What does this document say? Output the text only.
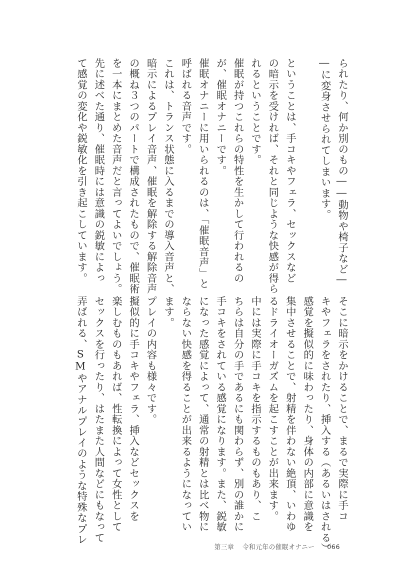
られたり、何か別のもの――動物や椅子など―
―に変身させられてしまいます。
ということは、手コキやフェラ、セックスなど
の暗示を受ければ、それと同じような快感が得ら
れるということです。
催眠が持つこれらの特性を生かして行われるの
が、催眠オナニーです。
催眠オナニーに用いられるのは、「催眠音声」と
呼ばれる音声です。
これは、トランス状態に入るまでの導入音声と、
暗示によるプレイ音声、催眠を解除する解除音声
の概ね３つのパートで構成されたもので、催眠術
を一本にまとめた音声だと言ってよいでしょう。
先に述べた通り、催眠時には意識の鋭敏によっ
て感覚の変化や鋭敏化を引き起こしています。
そこに暗示をかけることで、まるで実際に手コ
キやフェラをされたり、挿入する（あるいはされる）
感覚を擬似的に味わったり、身体の内部に意識を
集中させることで、射精を伴わない絶頂、いわゆ
るドライオーガズムを起こすことが出来ます。
中には実際に手コキを指示するものもあり、こ
ちらは自分の手であるにも関わらず、別の誰かに
手コキをされている感覚になります。また、鋭敏
になった感覚によって、通常の射精とは比べ物に
ならない快感を得ることが出来るようになってい
ます。
プレイの内容も様々です。
擬似的に手コキやフェラ、挿入などセックスを
楽しむものもあれば、性転換によって女性として
セックスを行ったり、はたまた人間などにもなって
弄ばれる、SMやアナルプレイのような特殊なプレ
第三章 令和元年の催眠オナニー 066
